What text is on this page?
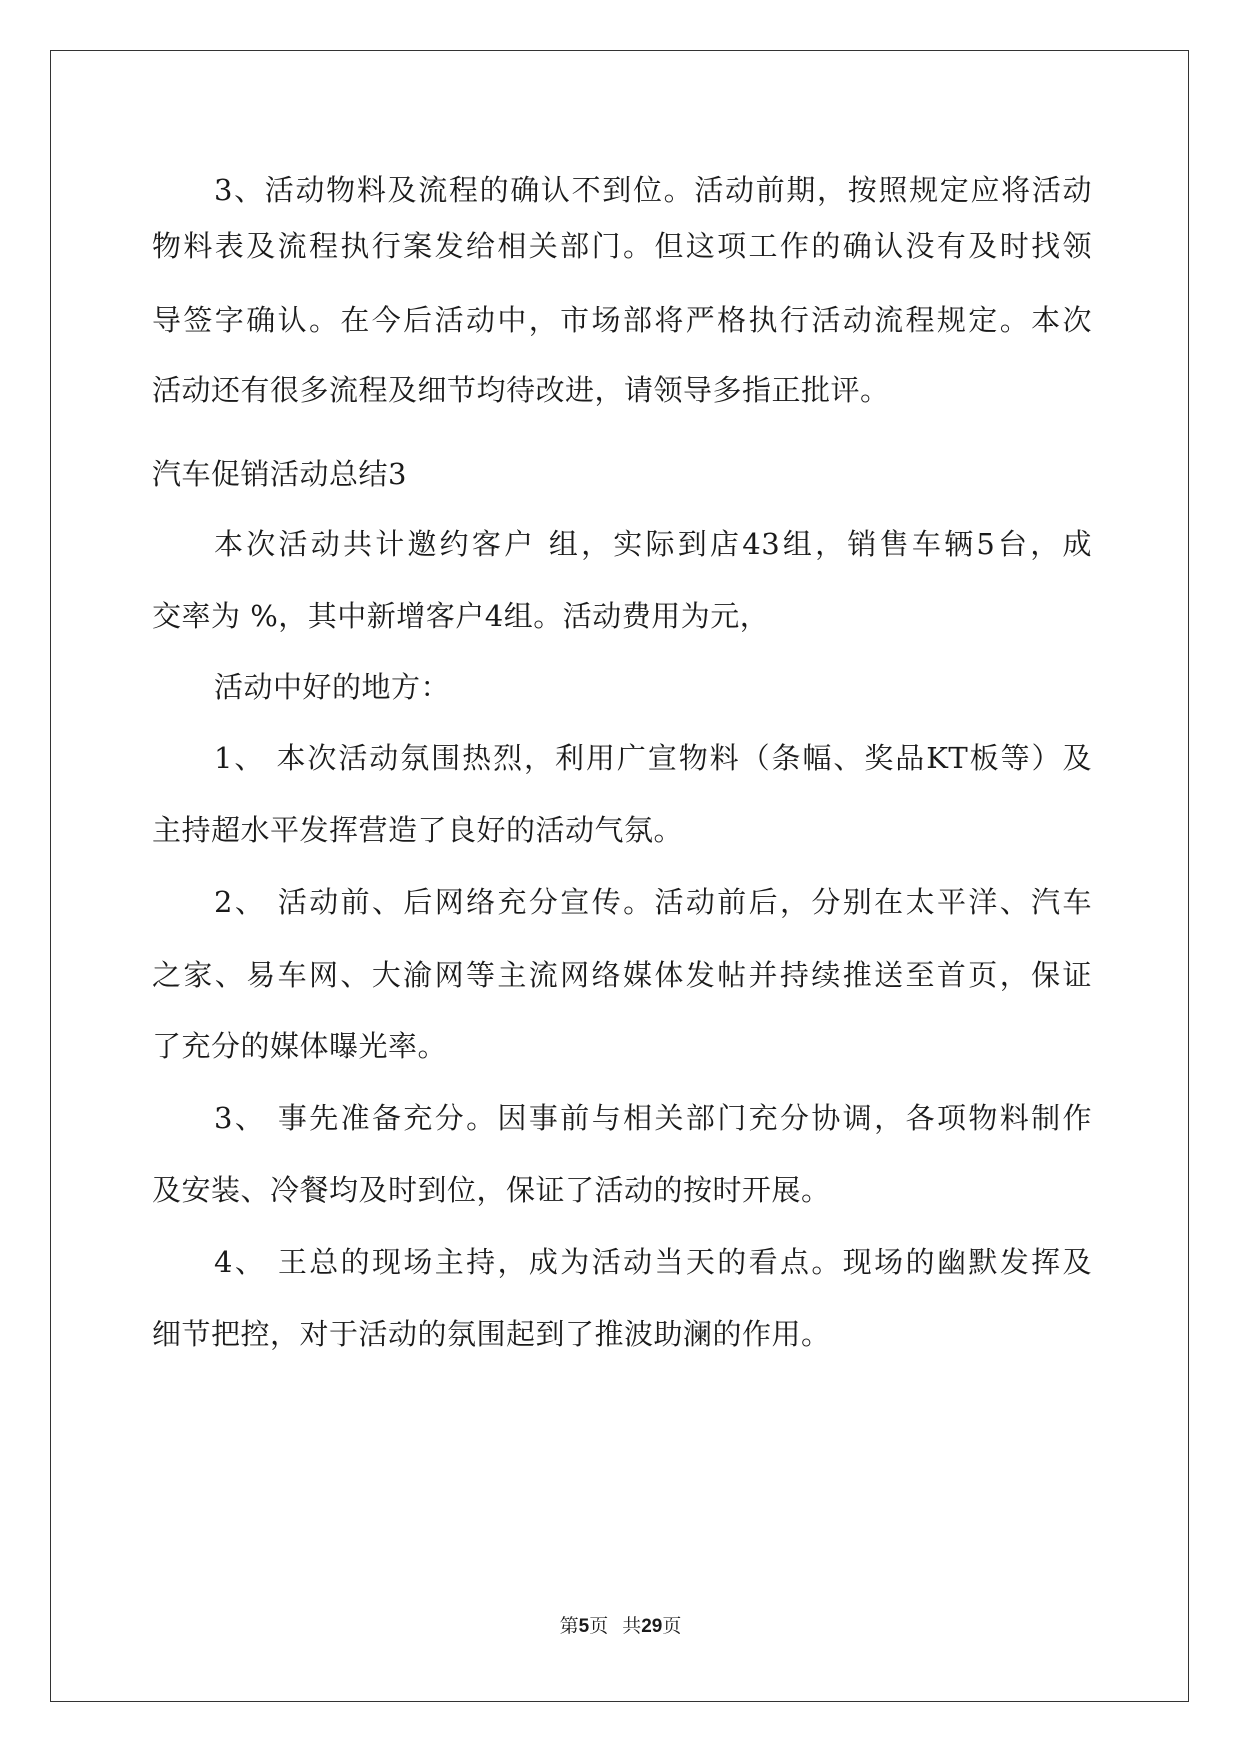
3、活动物料及流程的确认不到位。活动前期，按照规定应将活动
物料表及流程执行案发给相关部门。但这项工作的确认没有及时找领
导签字确认。在今后活动中，市场部将严格执行活动流程规定。本次
活动还有很多流程及细节均待改进，请领导多指正批评。
汽车促销活动总结3
本次活动共计邀约客户 组，实际到店43组，销售车辆5台，成
交率为 %，其中新增客户4组。活动费用为元，
活动中好的地方：
1、 本次活动氛围热烈，利用广宣物料（条幅、奖品KT板等）及
主持超水平发挥营造了良好的活动气氛。
2、 活动前、后网络充分宣传。活动前后，分别在太平洋、汽车
之家、易车网、大渝网等主流网络媒体发帖并持续推送至首页，保证
了充分的媒体曝光率。
3、 事先准备充分。因事前与相关部门充分协调，各项物料制作
及安装、冷餐均及时到位，保证了活动的按时开展。
4、 王总的现场主持，成为活动当天的看点。现场的幽默发挥及
细节把控，对于活动的氛围起到了推波助澜的作用。
第5页 共29页
